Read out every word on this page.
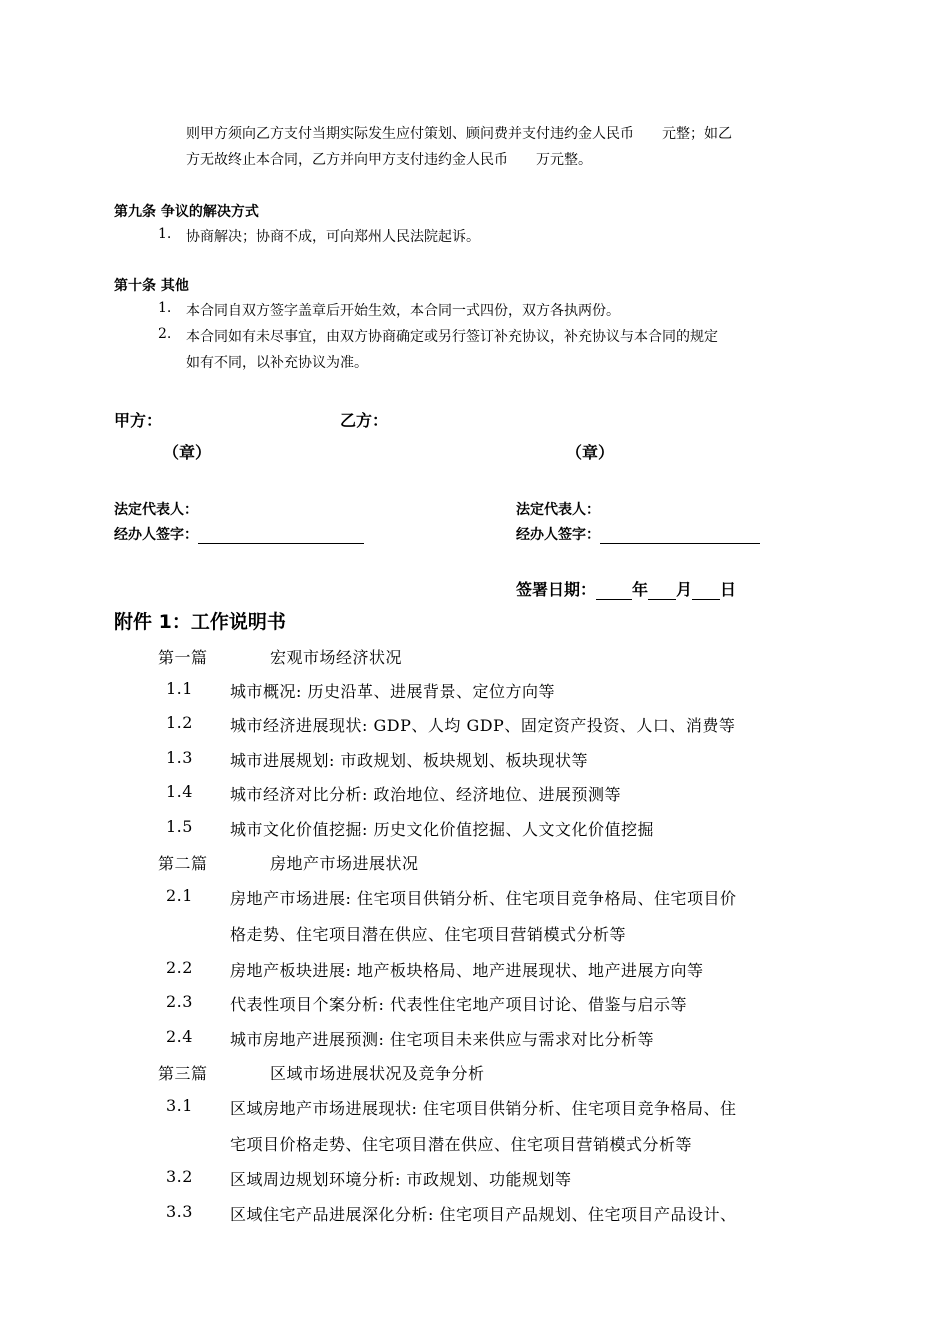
则甲方须向乙方支付当期实际发生应付策划、顾问费并支付违约金人民币　　元整；如乙
方无故终止本合同，乙方并向甲方支付违约金人民币　　万元整。
第九条 争议的解决方式
1. 协商解决；协商不成，可向郑州人民法院起诉。
第十条 其他
1. 本合同自双方签字盖章后开始生效，本合同一式四份，双方各执两份。
2. 本合同如有未尽事宜，由双方协商确定或另行签订补充协议，补充协议与本合同的规定
如有不同，以补充协议为准。
甲方：	乙方：
（章）	（章）
法定代表人：	法定代表人：
经办人签字：	经办人签字：
签署日期： 年 月 日
附件 1：工作说明书
第一篇	宏观市场经济状况
1.1 城市概况: 历史沿革、进展背景、定位方向等
1.2 城市经济进展现状: GDP、人均 GDP、固定资产投资、人口、消费等
1.3 城市进展规划: 市政规划、板块规划、板块现状等
1.4 城市经济对比分析: 政治地位、经济地位、进展预测等
1.5 城市文化价值挖掘: 历史文化价值挖掘、人文文化价值挖掘
第二篇	房地产市场进展状况
2.1 房地产市场进展: 住宅项目供销分析、住宅项目竞争格局、住宅项目价
格走势、住宅项目潜在供应、住宅项目营销模式分析等
2.2 房地产板块进展: 地产板块格局、地产进展现状、地产进展方向等
2.3 代表性项目个案分析: 代表性住宅地产项目讨论、借鉴与启示等
2.4 城市房地产进展预测: 住宅项目未来供应与需求对比分析等
第三篇	区域市场进展状况及竞争分析
3.1 区域房地产市场进展现状: 住宅项目供销分析、住宅项目竞争格局、住
宅项目价格走势、住宅项目潜在供应、住宅项目营销模式分析等
3.2 区域周边规划环境分析: 市政规划、功能规划等
3.3 区域住宅产品进展深化分析: 住宅项目产品规划、住宅项目产品设计、
